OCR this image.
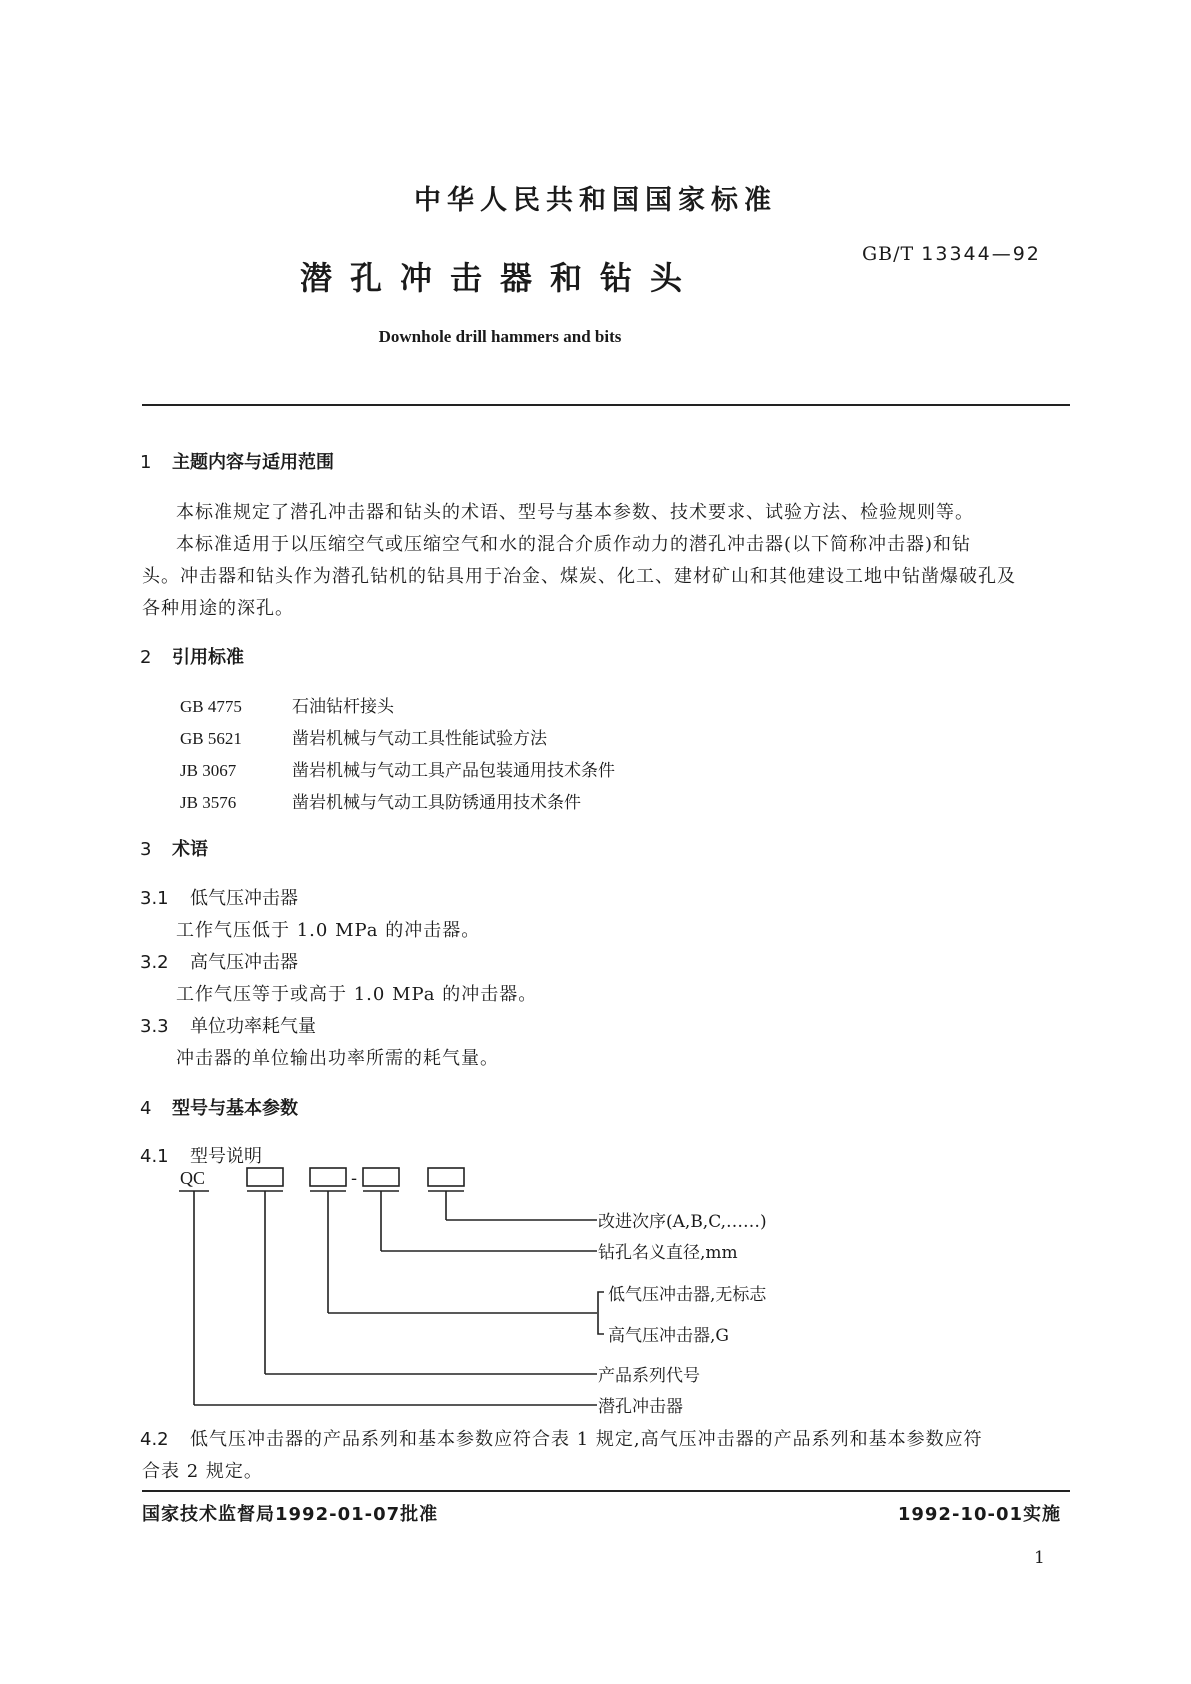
中华人民共和国国家标准
GB/T 13344—92
潜孔冲击器和钻头
Downhole drill hammers and bits
1 主题内容与适用范围
本标准规定了潜孔冲击器和钻头的术语、型号与基本参数、技术要求、试验方法、检验规则等。
本标准适用于以压缩空气或压缩空气和水的混合介质作动力的潜孔冲击器(以下简称冲击器)和钻
头。冲击器和钻头作为潜孔钻机的钻具用于冶金、煤炭、化工、建材矿山和其他建设工地中钻凿爆破孔及
各种用途的深孔。
2 引用标准
GB 4775	石油钻杆接头
GB 5621	凿岩机械与气动工具性能试验方法
JB 3067	凿岩机械与气动工具产品包装通用技术条件
JB 3576	凿岩机械与气动工具防锈通用技术条件
3 术语
3.1 低气压冲击器
工作气压低于 1.0 MPa 的冲击器。
3.2 高气压冲击器
工作气压等于或高于 1.0 MPa 的冲击器。
3.3 单位功率耗气量
冲击器的单位输出功率所需的耗气量。
4 型号与基本参数
4.1 型号说明
QC	-
改进次序(A,B,C,……)
钻孔名义直径,mm
低气压冲击器,无标志
高气压冲击器,G
产品系列代号
潜孔冲击器
4.2 低气压冲击器的产品系列和基本参数应符合表 1 规定,高气压冲击器的产品系列和基本参数应符
合表 2 规定。
国家技术监督局1992-01-07批准	1992-10-01实施
1
